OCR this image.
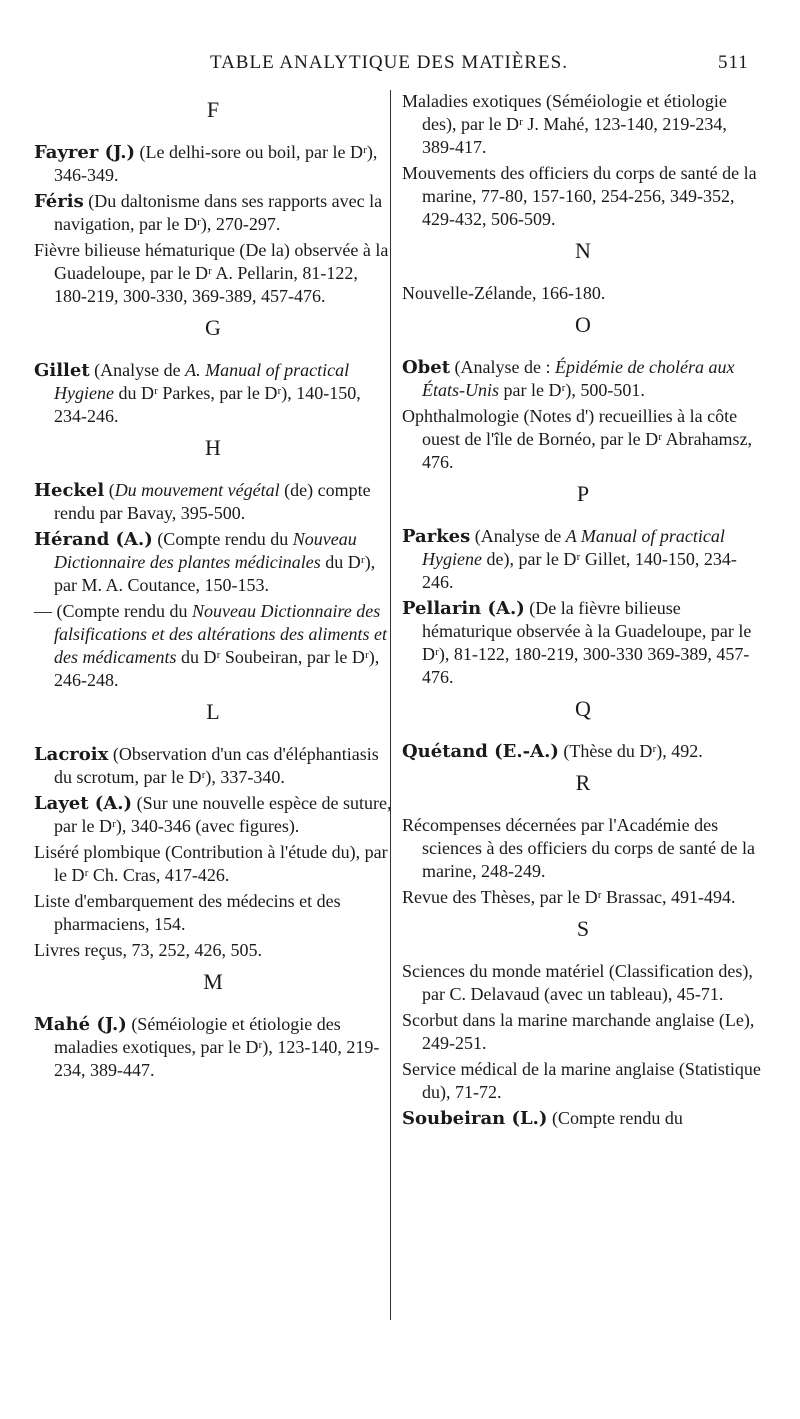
TABLE ANALYTIQUE DES MATIÈRES.	511
F
Fayrer (J.) (Le delhi-sore ou boil, par le Dʳ), 346-349.
Féris (Du daltonisme dans ses rapports avec la navigation, par le Dʳ), 270-297.
Fièvre bilieuse hématurique (De la) observée à la Guadeloupe, par le Dʳ A. Pellarin, 81-122, 180-219, 300-330, 369-389, 457-476.
G
Gillet (Analyse de A. Manual of practical Hygiene du Dʳ Parkes, par le Dʳ), 140-150, 234-246.
H
Heckel (Du mouvement végétal (de) compte rendu par Bavay, 395-500.
Hérand (A.) (Compte rendu du Nouveau Dictionnaire des plantes médicinales du Dʳ), par M. A. Coutance, 150-153.
— (Compte rendu du Nouveau Dictionnaire des falsifications et des altérations des aliments et des médicaments du Dʳ Soubeiran, par le Dʳ), 246-248.
L
Lacroix (Observation d'un cas d'éléphantiasis du scrotum, par le Dʳ), 337-340.
Layet (A.) (Sur une nouvelle espèce de suture, par le Dʳ), 340-346 (avec figures).
Liséré plombique (Contribution à l'étude du), par le Dʳ Ch. Cras, 417-426.
Liste d'embarquement des médecins et des pharmaciens, 154.
Livres reçus, 73, 252, 426, 505.
M
Mahé (J.) (Séméiologie et étiologie des maladies exotiques, par le Dʳ), 123-140, 219-234, 389-447.
Maladies exotiques (Séméiologie et étiologie des), par le Dʳ J. Mahé, 123-140, 219-234, 389-417.
Mouvements des officiers du corps de santé de la marine, 77-80, 157-160, 254-256, 349-352, 429-432, 506-509.
N
Nouvelle-Zélande, 166-180.
O
Obet (Analyse de : Épidémie de choléra aux États-Unis par le Dʳ), 500-501.
Ophthalmologie (Notes d') recueillies à la côte ouest de l'île de Bornéo, par le Dʳ Abrahamsz, 476.
P
Parkes (Analyse de A Manual of practical Hygiene de), par le Dʳ Gillet, 140-150, 234-246.
Pellarin (A.) (De la fièvre bilieuse hématurique observée à la Guadeloupe, par le Dʳ), 81-122, 180-219, 300-330 369-389, 457-476.
Q
Quétand (E.-A.) (Thèse du Dʳ), 492.
R
Récompenses décernées par l'Académie des sciences à des officiers du corps de santé de la marine, 248-249.
Revue des Thèses, par le Dʳ Brassac, 491-494.
S
Sciences du monde matériel (Classification des), par C. Delavaud (avec un tableau), 45-71.
Scorbut dans la marine marchande anglaise (Le), 249-251.
Service médical de la marine anglaise (Statistique du), 71-72.
Soubeiran (L.) (Compte rendu du
